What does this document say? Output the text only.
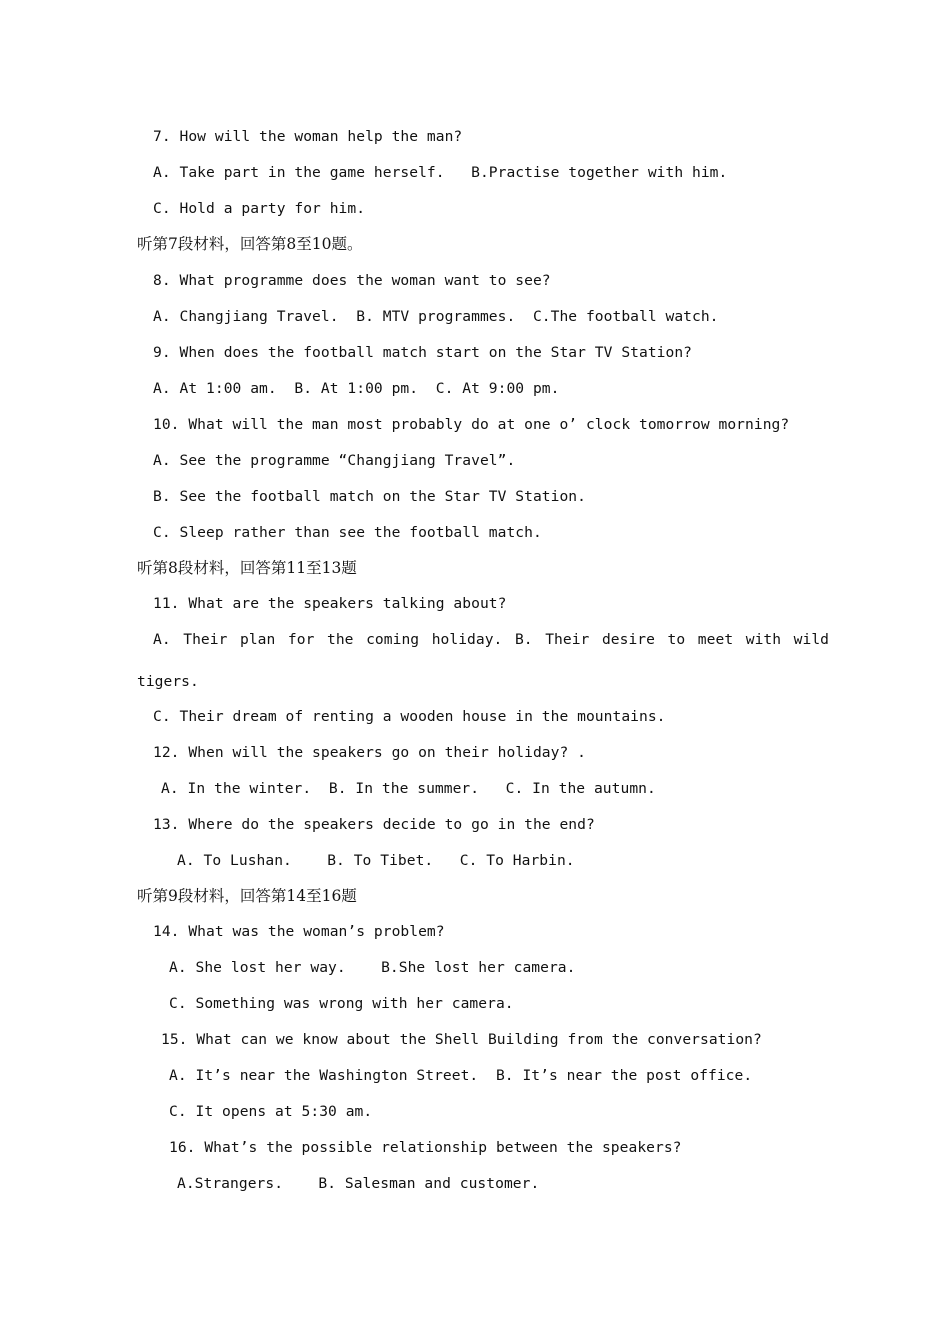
7. How will the woman help the man?
A. Take part in the game herself.   B.Practise together with him.
C. Hold a party for him.
听第7段材料，回答第8至10题。
8. What programme does the woman want to see?
A. Changjiang Travel.  B. MTV programmes.  C.The football watch.
9. When does the football match start on the Star TV Station?
A. At 1:00 am.  B. At 1:00 pm.  C. At 9:00 pm.
10. What will the man most probably do at one o’ clock tomorrow morning?
A. See the programme “Changjiang Travel”.
B. See the football match on the Star TV Station.
C. Sleep rather than see the football match.
听第8段材料，回答第11至13题
11. What are the speakers talking about?
A. Their plan for the coming holiday. B. Their desire to meet with wild
tigers.
C. Their dream of renting a wooden house in the mountains.
12. When will the speakers go on their holiday? .
A. In the winter.  B. In the summer.   C. In the autumn.
13. Where do the speakers decide to go in the end?
A. To Lushan.    B. To Tibet.   C. To Harbin.
听第9段材料，回答第14至16题
14. What was the woman’s problem?
A. She lost her way.    B.She lost her camera.
C. Something was wrong with her camera.
15. What can we know about the Shell Building from the conversation?
A. It’s near the Washington Street.  B. It’s near the post office.
C. It opens at 5:30 am.
16. What’s the possible relationship between the speakers?
A.Strangers.    B. Salesman and customer.
